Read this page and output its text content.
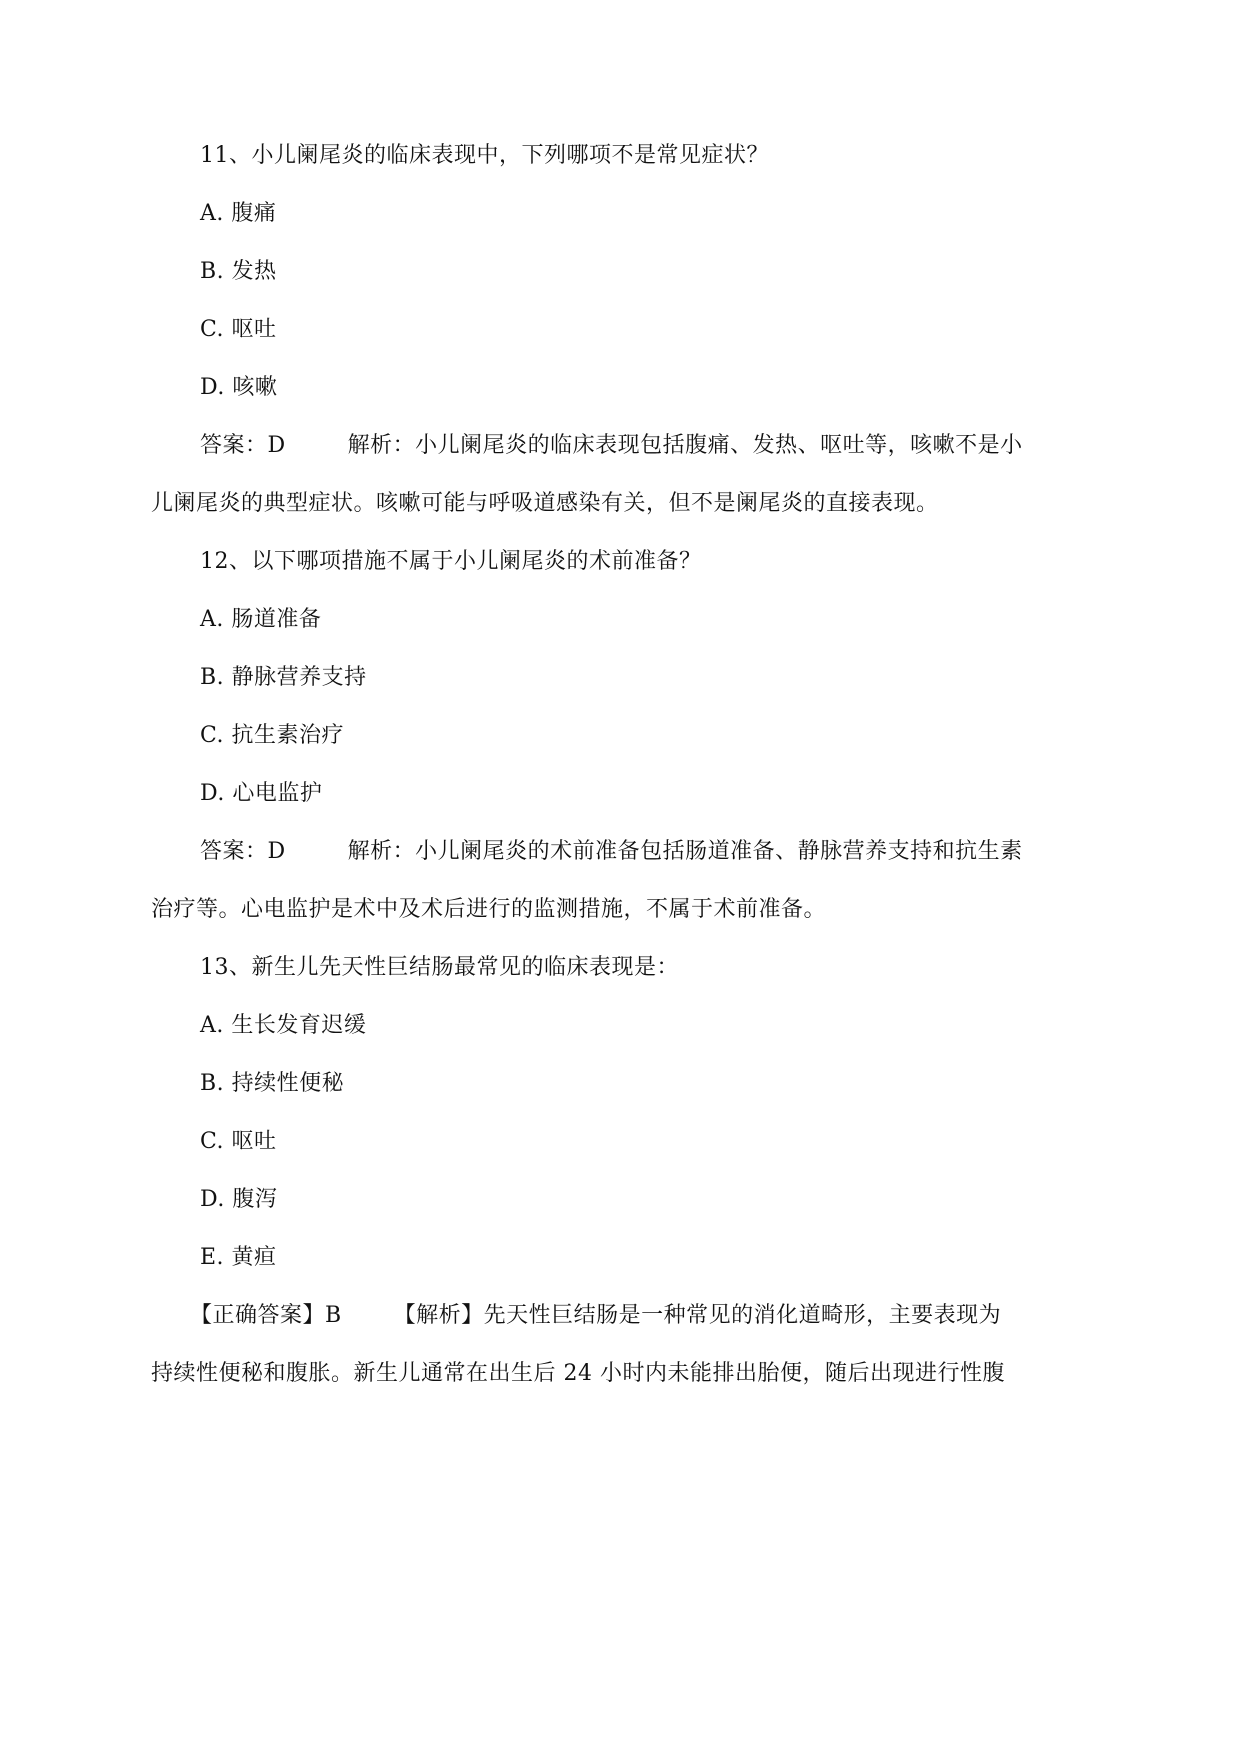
11、小儿阑尾炎的临床表现中，下列哪项不是常见症状？
A. 腹痛
B. 发热
C. 呕吐
D. 咳嗽
答案：D	解析：小儿阑尾炎的临床表现包括腹痛、发热、呕吐等，咳嗽不是小
儿阑尾炎的典型症状。咳嗽可能与呼吸道感染有关，但不是阑尾炎的直接表现。
12、以下哪项措施不属于小儿阑尾炎的术前准备？
A. 肠道准备
B. 静脉营养支持
C. 抗生素治疗
D. 心电监护
答案：D	解析：小儿阑尾炎的术前准备包括肠道准备、静脉营养支持和抗生素
治疗等。心电监护是术中及术后进行的监测措施，不属于术前准备。
13、新生儿先天性巨结肠最常见的临床表现是：
A. 生长发育迟缓
B. 持续性便秘
C. 呕吐
D. 腹泻
E. 黄疸
【正确答案】B 【解析】先天性巨结肠是一种常见的消化道畸形，主要表现为
持续性便秘和腹胀。新生儿通常在出生后 24 小时内未能排出胎便，随后出现进行性腹
